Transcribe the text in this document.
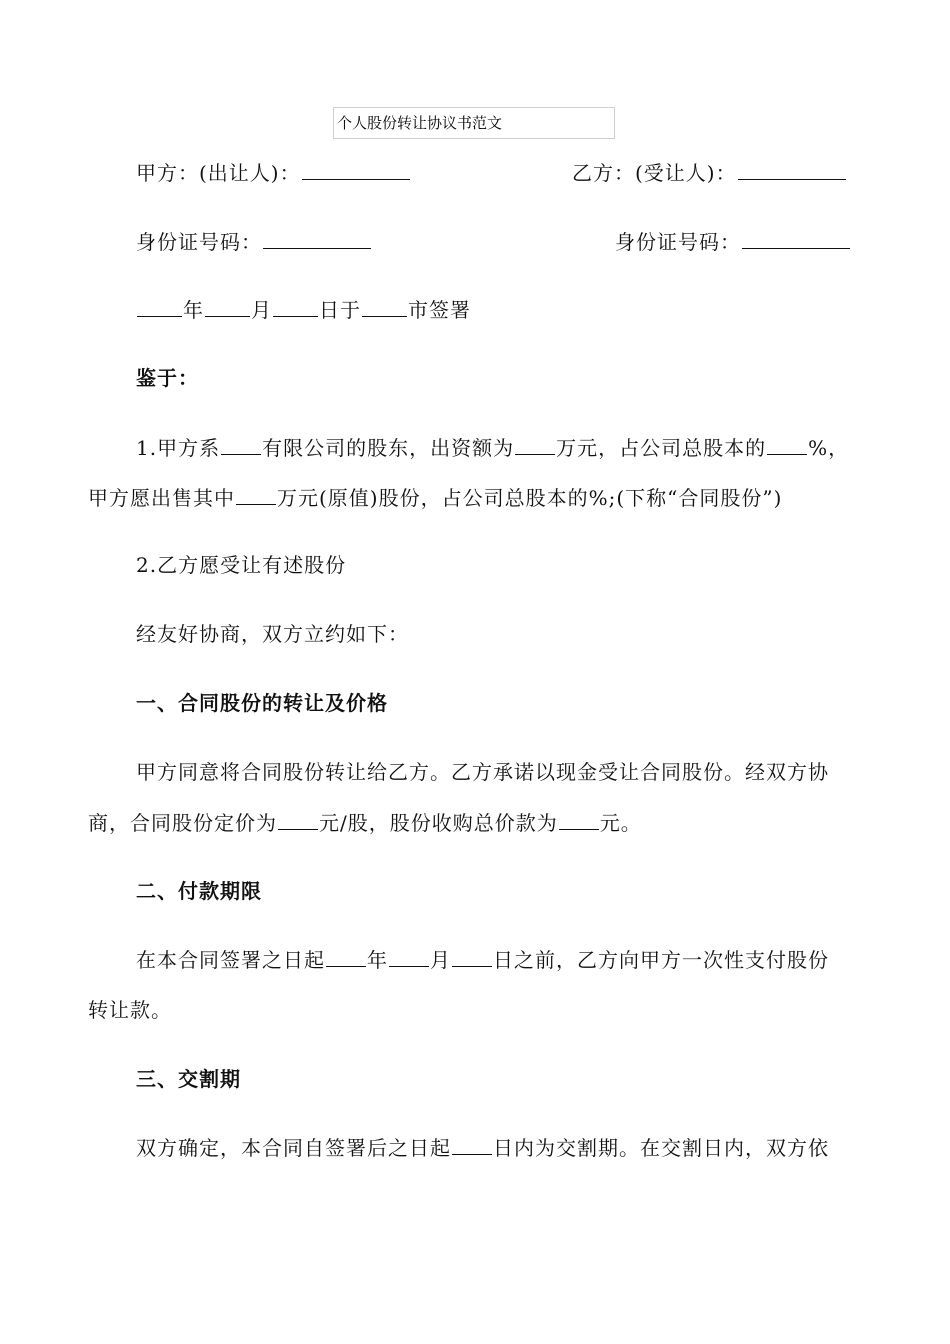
个人股份转让协议书范文
甲方：(出让人)：	乙方：(受让人)：
身份证号码：	身份证号码：
年 月 日于 市签署
鉴于：
1.甲方系 有限公司的股东，出资额为 万元，占公司总股本的 %，
甲方愿出售其中 万元(原值)股份，占公司总股本的%;(下称“合同股份”)
2.乙方愿受让有述股份
经友好协商，双方立约如下：
一、合同股份的转让及价格
甲方同意将合同股份转让给乙方。乙方承诺以现金受让合同股份。经双方协
商，合同股份定价为 元/股，股份收购总价款为 元。
二、付款期限
在本合同签署之日起 年 月 日之前，乙方向甲方一次性支付股份
转让款。
三、交割期
双方确定，本合同自签署后之日起 日内为交割期。在交割日内，双方依
